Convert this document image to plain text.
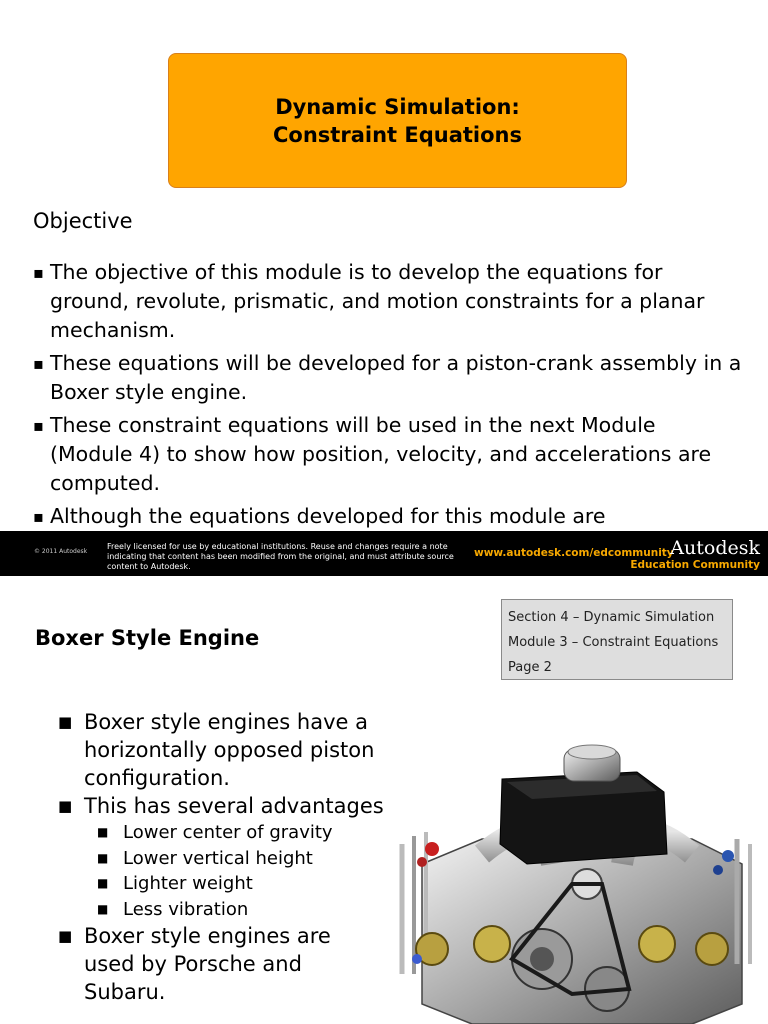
Dynamic Simulation:
Constraint Equations
Objective
▪ The objective of this module is to develop the equations for ground, revolute, prismatic, and motion constraints for a planar mechanism.
▪ These equations will be developed for a piston-crank assembly in a Boxer style engine.
▪ These constraint equations will be used in the next Module (Module 4) to show how position, velocity, and accelerations are computed.
▪ Although the equations developed for this module are
© 2011 Autodesk
Freely licensed for use by educational institutions. Reuse and changes require a note indicating that content has been modified from the original, and must attribute source content to Autodesk.
www.autodesk.com/edcommunity
Autodesk
Education Community
Section 4 – Dynamic Simulation
Module 3 – Constraint Equations
Page 2
Boxer Style Engine
■ Boxer style engines have a horizontally opposed piston configuration.
■ This has several advantages
■ Lower center of gravity
■ Lower vertical height
■ Lighter weight
■ Less vibration
■ Boxer style engines are used by Porsche and Subaru.
